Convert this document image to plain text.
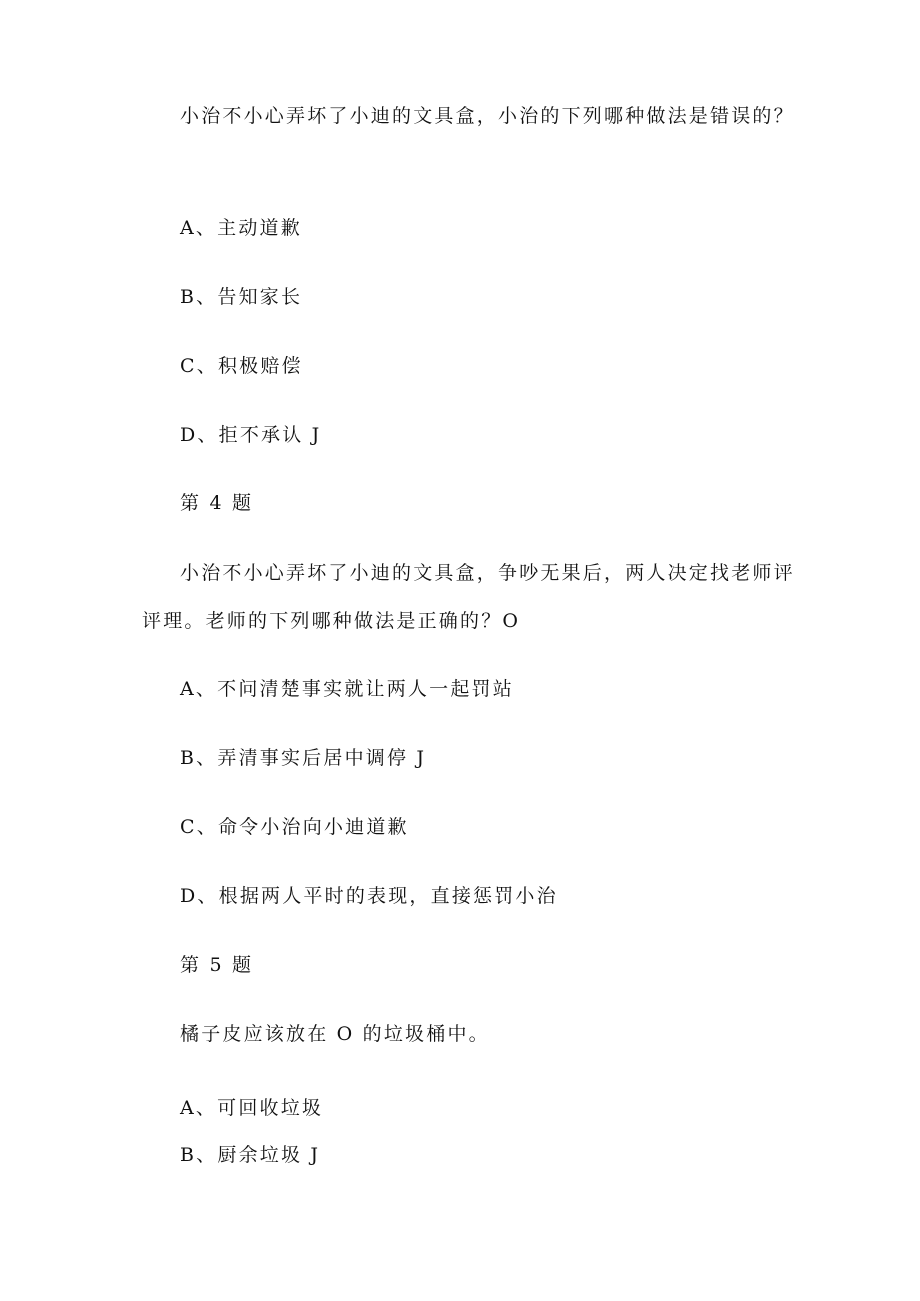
小治不小心弄坏了小迪的文具盒，小治的下列哪种做法是错误的？
A、主动道歉
B、告知家长
C、积极赔偿
D、拒不承认 J
第 4 题
小治不小心弄坏了小迪的文具盒，争吵无果后，两人决定找老师评
评理。老师的下列哪种做法是正确的？O
A、不问清楚事实就让两人一起罚站
B、弄清事实后居中调停 J
C、命令小治向小迪道歉
D、根据两人平时的表现，直接惩罚小治
第 5 题
橘子皮应该放在 O 的垃圾桶中。
A、可回收垃圾
B、厨余垃圾 J
